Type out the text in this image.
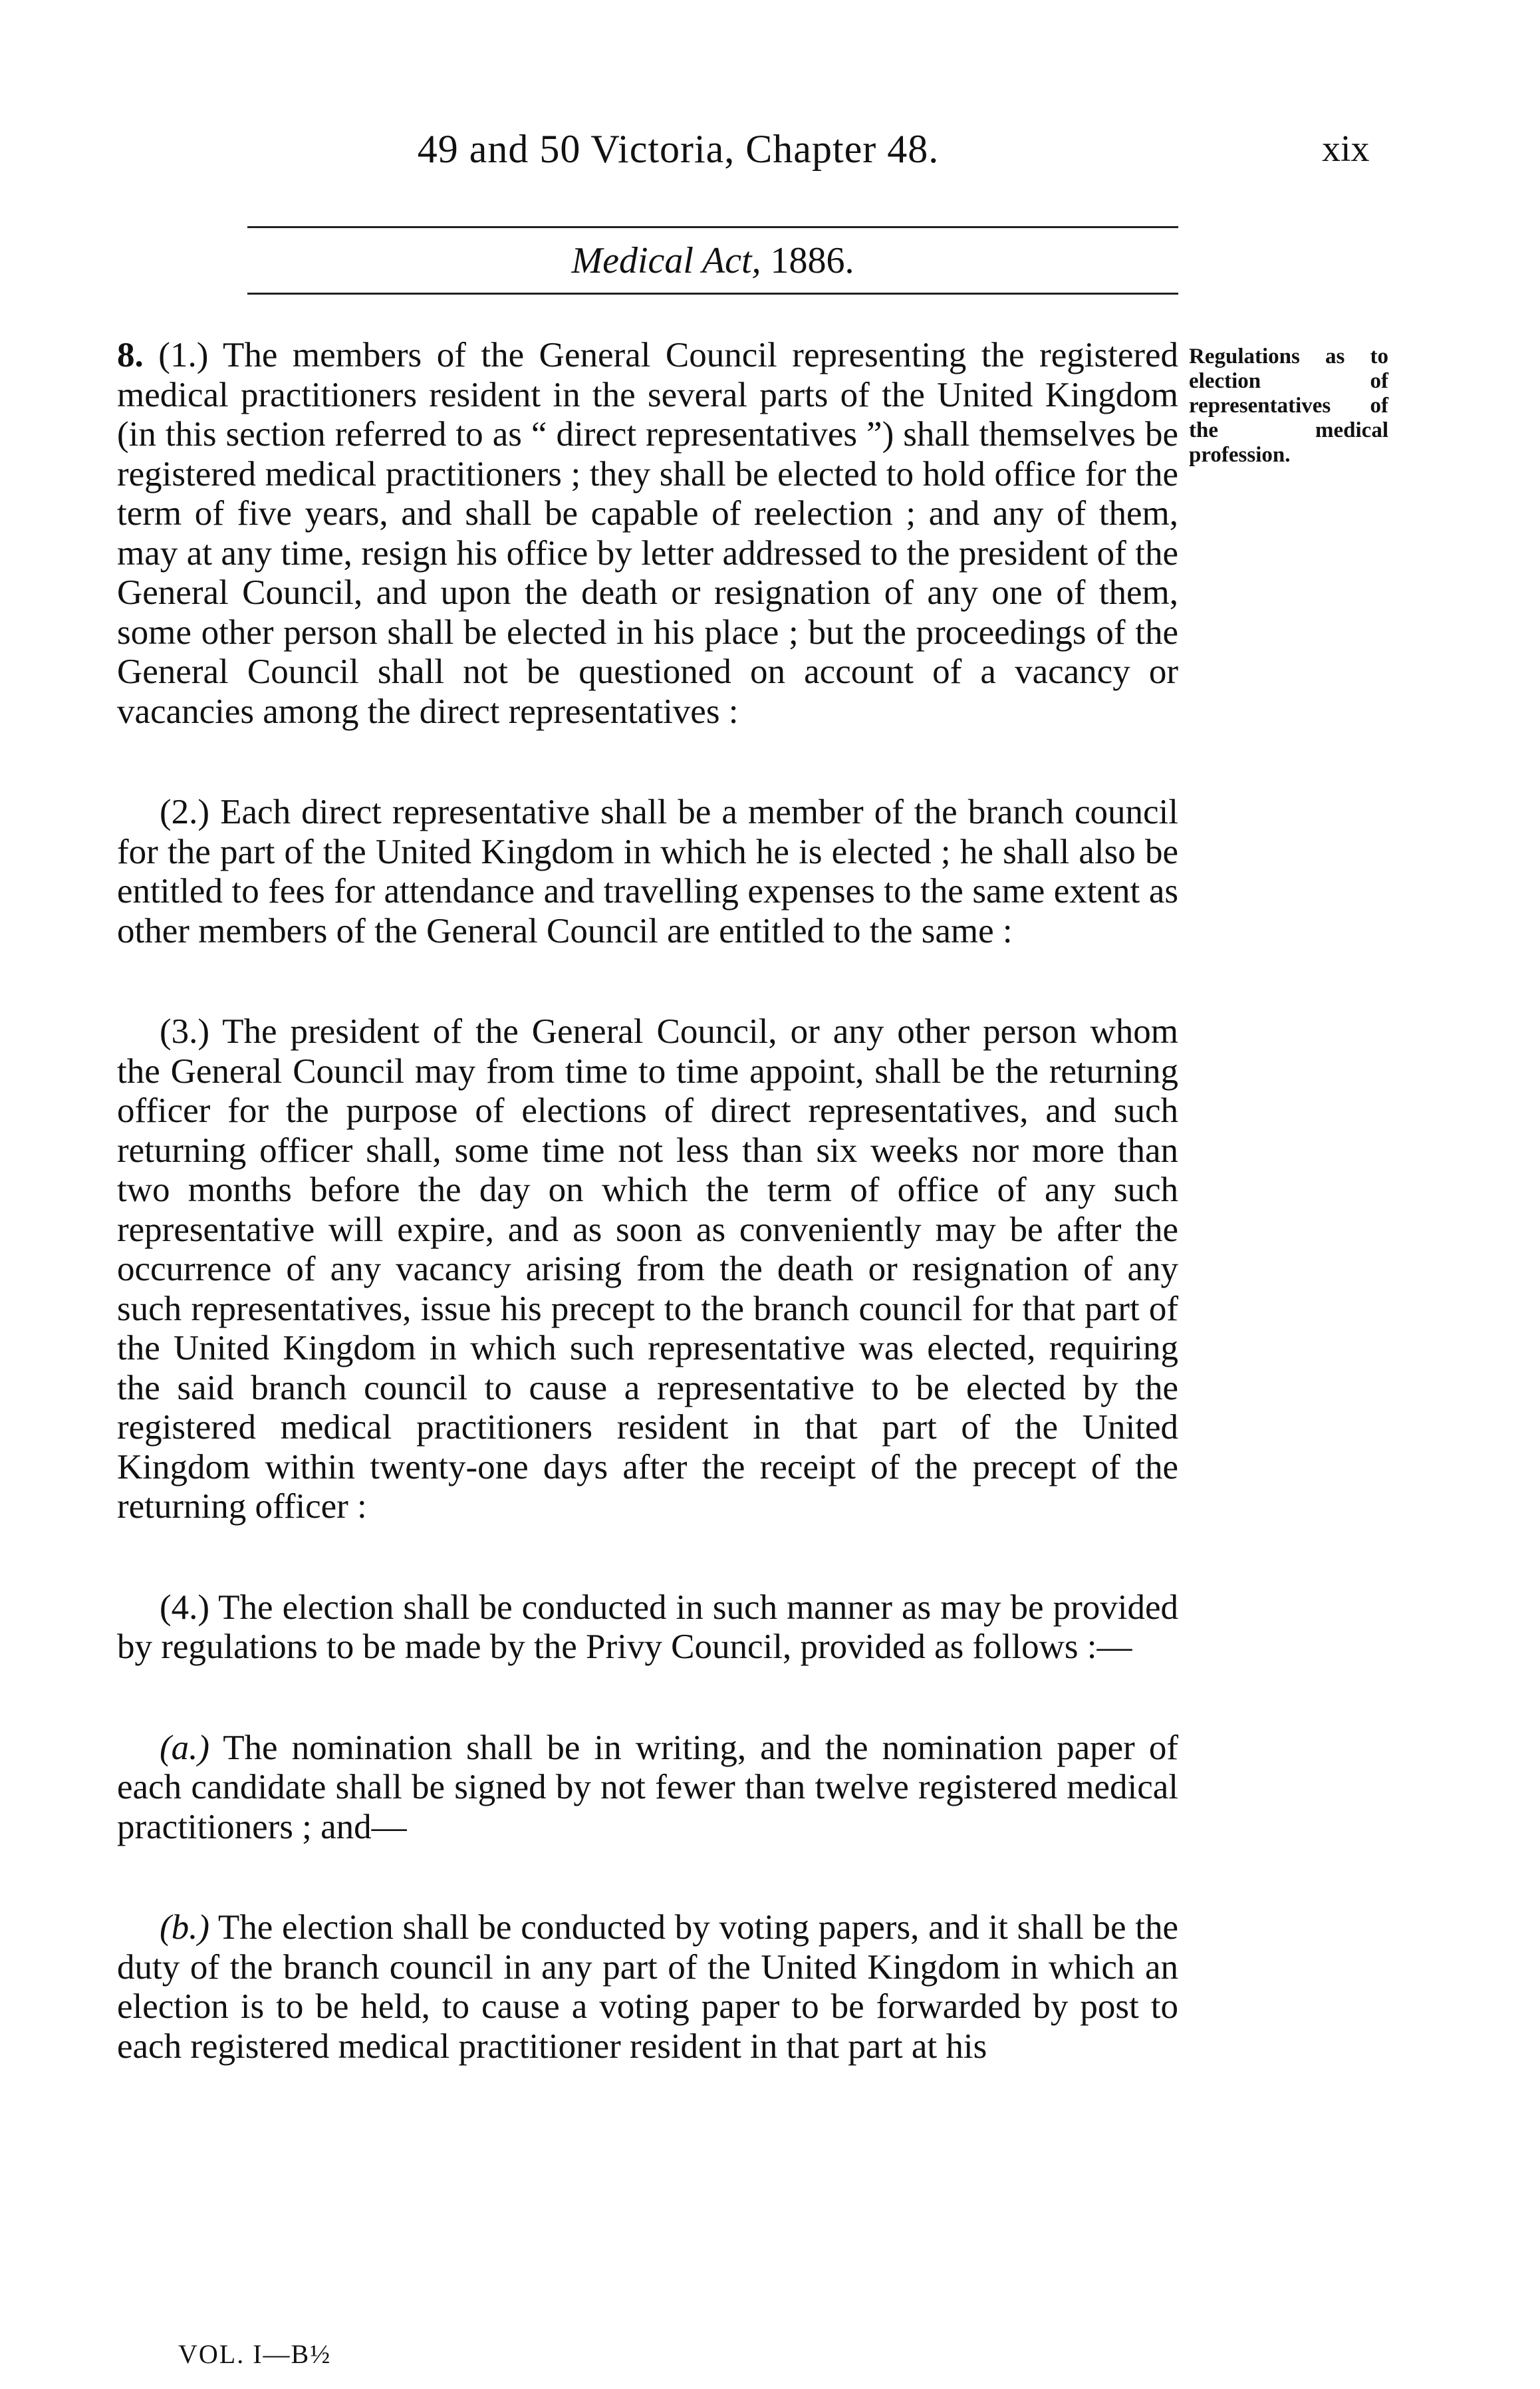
49 and 50 Victoria, Chapter 48.	xix
Medical Act, 1886.
Regulations as to election of representatives of the medical profession.

8. (1.) The members of the General Council representing the registered medical practitioners resident in the several parts of the United Kingdom (in this section referred to as “ direct representatives ”) shall themselves be registered medical practitioners ; they shall be elected to hold office for the term of five years, and shall be capable of reelection ; and any of them, may at any time, resign his office by letter addressed to the president of the General Council, and upon the death or resignation of any one of them, some other person shall be elected in his place ; but the proceedings of the General Council shall not be questioned on account of a vacancy or vacancies among the direct representatives :

(2.) Each direct representative shall be a member of the branch council for the part of the United Kingdom in which he is elected ; he shall also be entitled to fees for attendance and travelling expenses to the same extent as other members of the General Council are entitled to the same :

(3.) The president of the General Council, or any other person whom the General Council may from time to time appoint, shall be the returning officer for the purpose of elections of direct representatives, and such returning officer shall, some time not less than six weeks nor more than two months before the day on which the term of office of any such representative will expire, and as soon as conveniently may be after the occurrence of any vacancy arising from the death or resignation of any such representatives, issue his precept to the branch council for that part of the United Kingdom in which such representative was elected, requiring the said branch council to cause a representative to be elected by the registered medical practitioners resident in that part of the United Kingdom within twenty-one days after the receipt of the precept of the returning officer :

(4.) The election shall be conducted in such manner as may be provided by regulations to be made by the Privy Council, provided as follows :—

(a.) The nomination shall be in writing, and the nomination paper of each candidate shall be signed by not fewer than twelve registered medical practitioners ; and—

(b.) The election shall be conducted by voting papers, and it shall be the duty of the branch council in any part of the United Kingdom in which an election is to be held, to cause a voting paper to be forwarded by post to each registered medical practitioner resident in that part at his

VOL. I—B½
